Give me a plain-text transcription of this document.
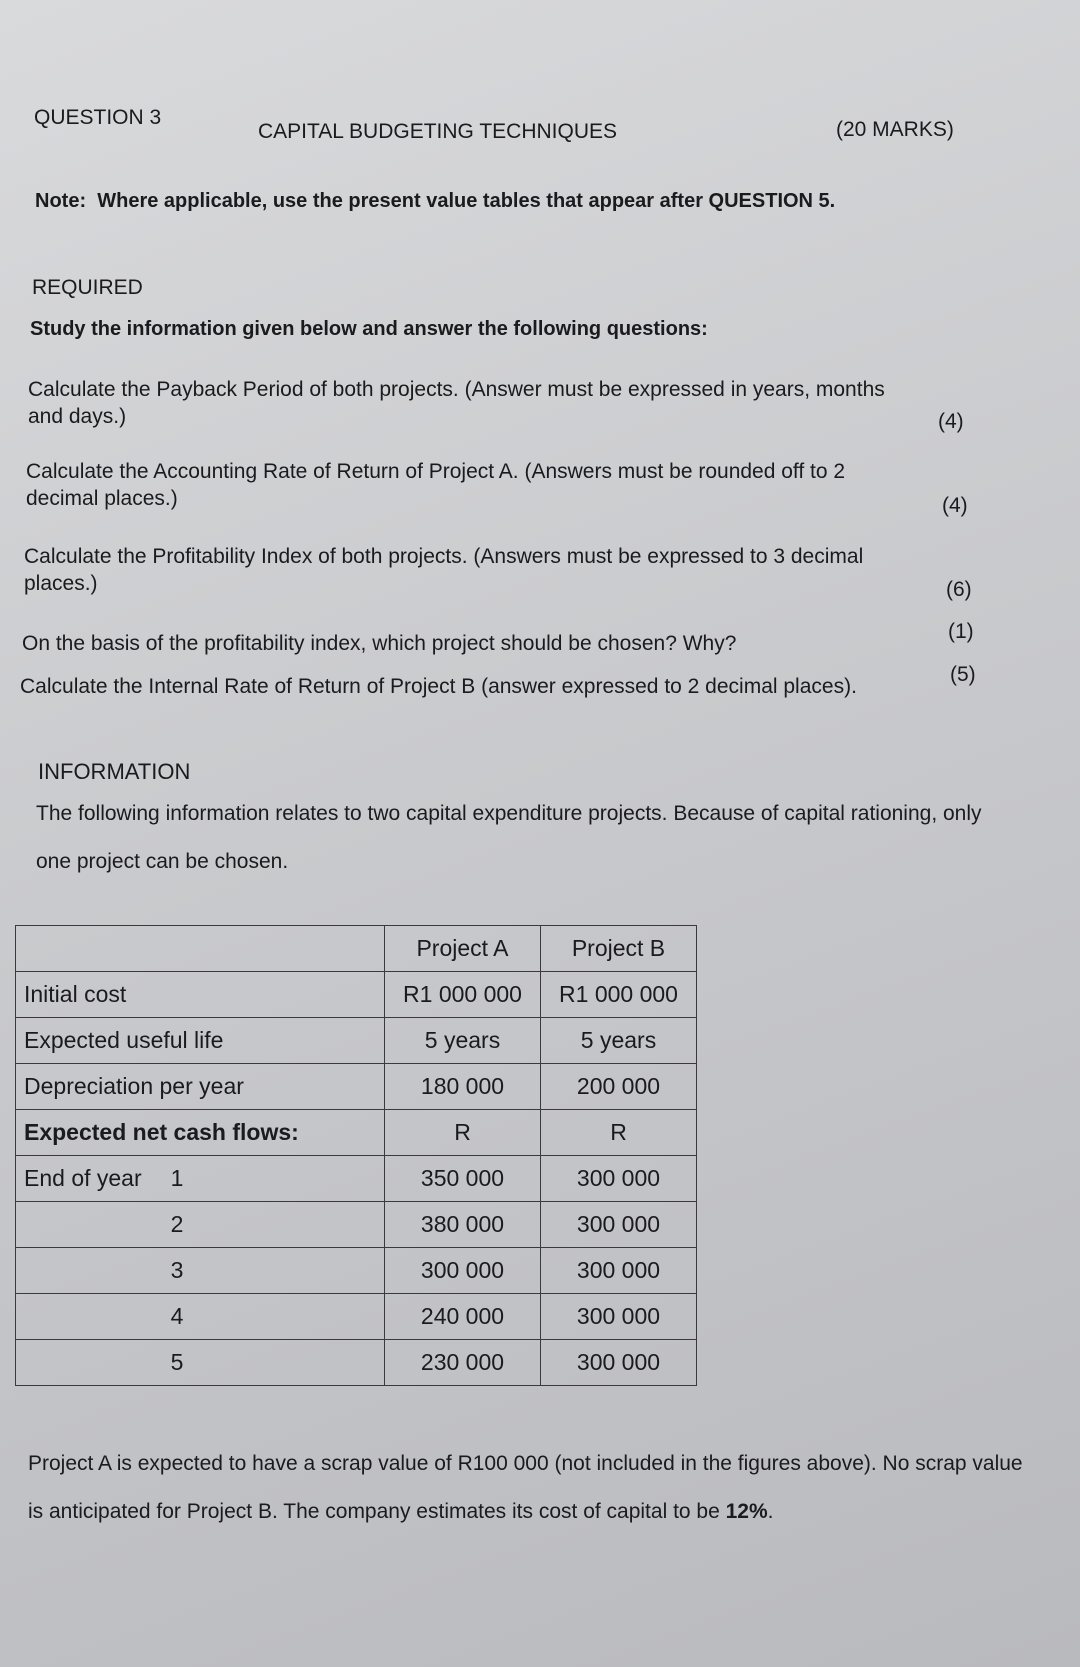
QUESTION 3
CAPITAL BUDGETING TECHNIQUES	(20 MARKS)
Note: Where applicable, use the present value tables that appear after QUESTION 5.
REQUIRED
Study the information given below and answer the following questions:
Calculate the Payback Period of both projects. (Answer must be expressed in years, months and days.)	(4)
Calculate the Accounting Rate of Return of Project A. (Answers must be rounded off to 2 decimal places.)	(4)
Calculate the Profitability Index of both projects. (Answers must be expressed to 3 decimal places.)	(6)
On the basis of the profitability index, which project should be chosen? Why?
(1)
Calculate the Internal Rate of Return of Project B (answer expressed to 2 decimal places).
(5)
INFORMATION
The following information relates to two capital expenditure projects. Because of capital rationing, only one project can be chosen.
	Project A	Project B
Initial cost	R1 000 000	R1 000 000
Expected useful life	5 years	5 years
Depreciation per year	180 000	200 000
Expected net cash flows:	R	R
End of year 1	350 000	300 000
2	380 000	300 000
3	300 000	300 000
4	240 000	300 000
5	230 000	300 000
Project A is expected to have a scrap value of R100 000 (not included in the figures above). No scrap value is anticipated for Project B. The company estimates its cost of capital to be 12%.
